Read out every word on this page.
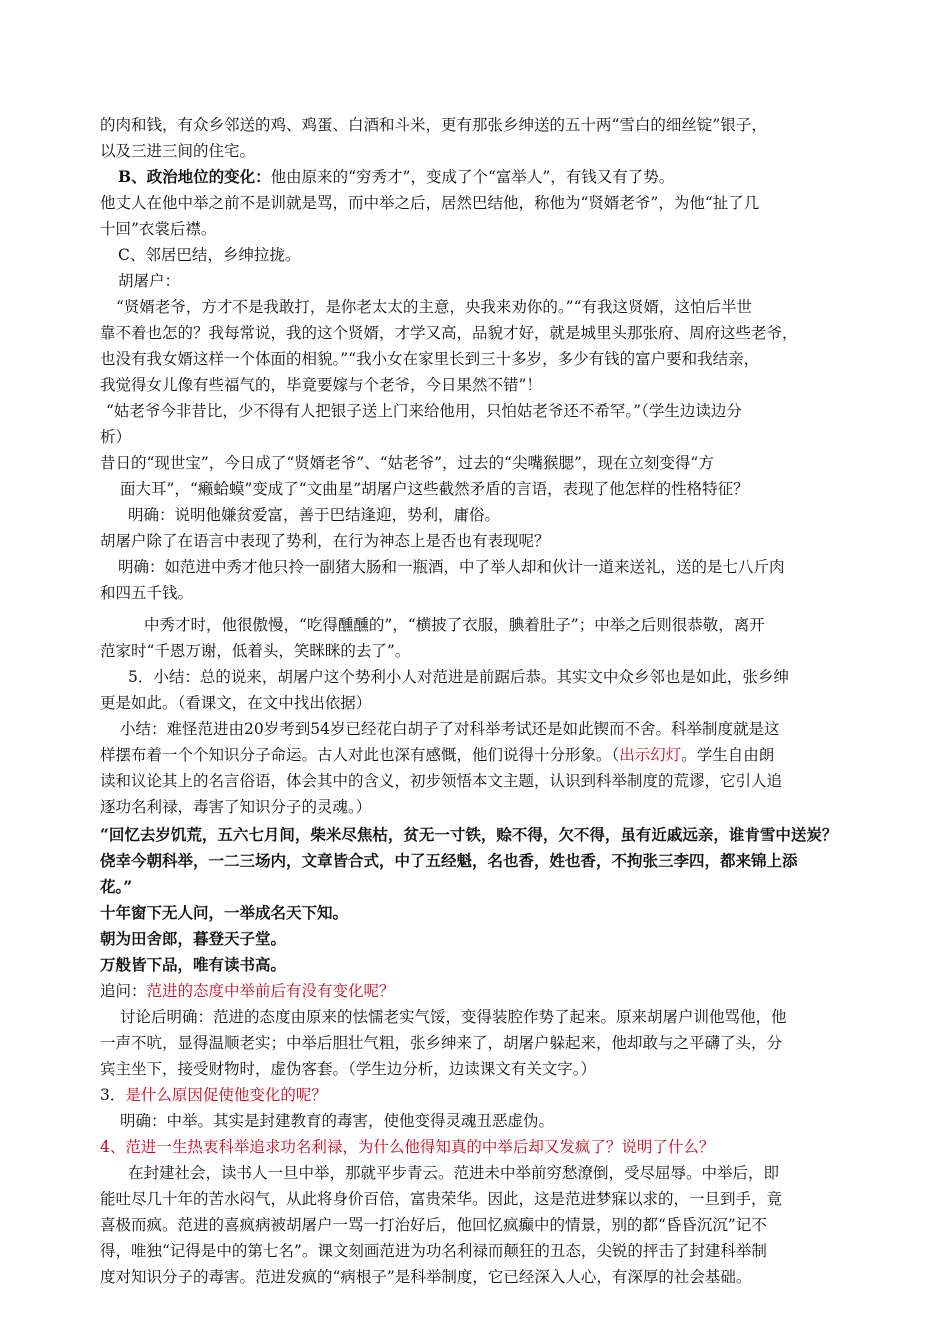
的肉和钱，有众乡邻送的鸡、鸡蛋、白酒和斗米，更有那张乡绅送的五十两“雪白的细丝锭”银子，
以及三进三间的住宅。
B、政治地位的变化：他由原来的“穷秀才”，变成了个“富举人”，有钱又有了势。
他丈人在他中举之前不是训就是骂，而中举之后，居然巴结他，称他为“贤婿老爷”，为他“扯了几
十回”衣裳后襟。
C、邻居巴结，乡绅拉拢。
胡屠户：
“贤婿老爷，方才不是我敢打，是你老太太的主意，央我来劝你的。”“有我这贤婿，这怕后半世
靠不着也怎的？我每常说，我的这个贤婿，才学又高，品貌才好，就是城里头那张府、周府这些老爷，
也没有我女婿这样一个体面的相貌。”“我小女在家里长到三十多岁，多少有钱的富户要和我结亲，
我觉得女儿像有些福气的，毕竟要嫁与个老爷，今日果然不错”！
“姑老爷今非昔比，少不得有人把银子送上门来给他用，只怕姑老爷还不希罕。”（学生边读边分
析）
昔日的“现世宝”，今日成了“贤婿老爷”、“姑老爷”，过去的“尖嘴猴腮”，现在立刻变得“方
面大耳”，“癞蛤蟆”变成了“文曲星”胡屠户这些截然矛盾的言语，表现了他怎样的性格特征？
明确：说明他嫌贫爱富，善于巴结逢迎，势利，庸俗。
胡屠户除了在语言中表现了势利，在行为神态上是否也有表现呢？
明确：如范进中秀才他只拎一副猪大肠和一瓶酒，中了举人却和伙计一道来送礼，送的是七八斤肉
和四五千钱。
中秀才时，他很傲慢，“吃得醺醺的”，“横披了衣服，腆着肚子”；中举之后则很恭敬，离开
范家时“千恩万谢，低着头，笑眯眯的去了”。
5．小结：总的说来，胡屠户这个势利小人对范进是前踞后恭。其实文中众乡邻也是如此，张乡绅
更是如此。（看课文，在文中找出依据）
小结：难怪范进由20岁考到54岁已经花白胡子了对科举考试还是如此锲而不舍。科举制度就是这
样摆布着一个个知识分子命运。古人对此也深有感慨，他们说得十分形象。（出示幻灯。学生自由朗
读和议论其上的名言俗语，体会其中的含义，初步领悟本文主题，认识到科举制度的荒谬，它引人追
逐功名利禄，毒害了知识分子的灵魂。）
“回忆去岁饥荒，五六七月间，柴米尽焦枯，贫无一寸铁，赊不得，欠不得，虽有近戚远亲，谁肯雪中送炭？
侥幸今朝科举，一二三场内，文章皆合式，中了五经魁，名也香，姓也香，不拘张三李四，都来锦上添
花。”
十年窗下无人问，一举成名天下知。
朝为田舍郎，暮登天子堂。
万般皆下品，唯有读书高。
追问：范进的态度中举前后有没有变化呢？
讨论后明确：范进的态度由原来的怯懦老实气馁，变得装腔作势了起来。原来胡屠户训他骂他，他
一声不吭，显得温顺老实；中举后胆壮气粗，张乡绅来了，胡屠户躲起来，他却敢与之平礴了头，分
宾主坐下，接受财物时，虚伪客套。（学生边分析，边读课文有关文字。）
3．是什么原因促使他变化的呢？
明确：中举。其实是封建教育的毒害，使他变得灵魂丑恶虚伪。
4、范进一生热衷科举追求功名利禄，为什么他得知真的中举后却又发疯了？说明了什么？
在封建社会，读书人一旦中举，那就平步青云。范进未中举前穷愁潦倒，受尽屈辱。中举后，即
能吐尽几十年的苦水闷气，从此将身价百倍，富贵荣华。因此，这是范进梦寐以求的，一旦到手，竟
喜极而疯。范进的喜疯病被胡屠户一骂一打治好后，他回忆疯癫中的情景，别的都“昏昏沉沉”记不
得，唯独“记得是中的第七名”。课文刻画范进为功名利禄而颠狂的丑态，尖锐的抨击了封建科举制
度对知识分子的毒害。范进发疯的“病根子”是科举制度，它已经深入人心，有深厚的社会基础。
